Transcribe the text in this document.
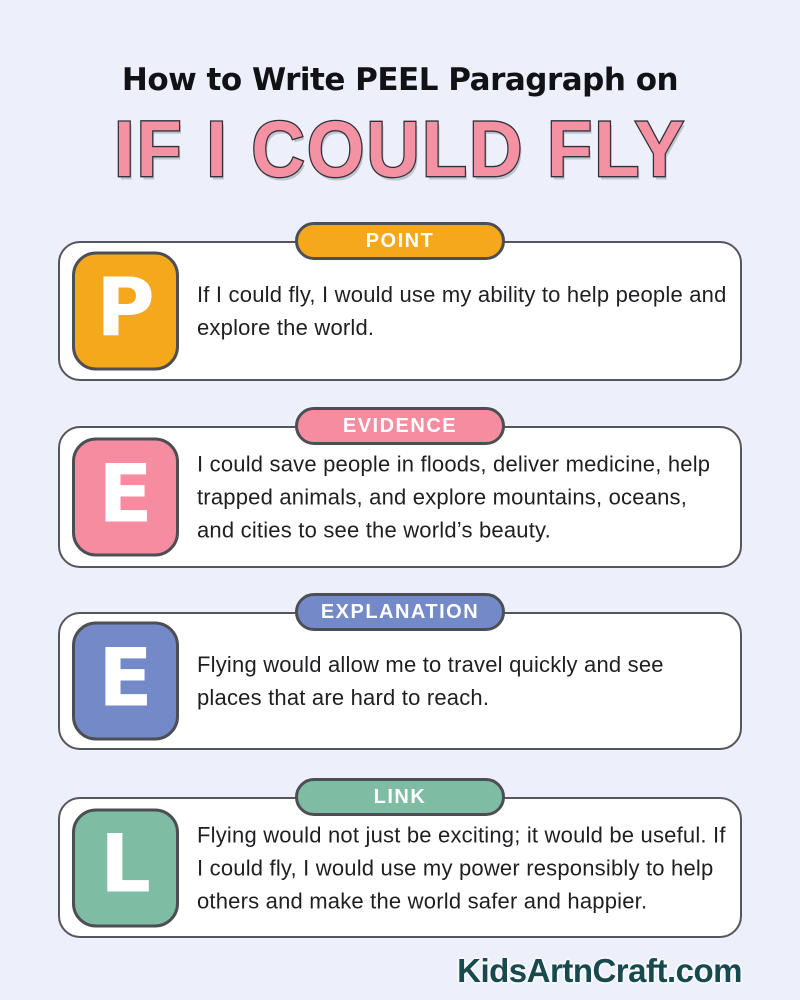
How to Write PEEL Paragraph on
IF I COULD FLY
POINT
P	If I could fly, I would use my ability to help people and explore the world.

EVIDENCE
E	I could save people in floods, deliver medicine, help trapped animals, and explore mountains, oceans, and cities to see the world’s beauty.

EXPLANATION
E	Flying would allow me to travel quickly and see places that are hard to reach.

LINK
L	Flying would not just be exciting; it would be useful. If I could fly, I would use my power responsibly to help others and make the world safer and happier.

KidsArtnCraft.com
